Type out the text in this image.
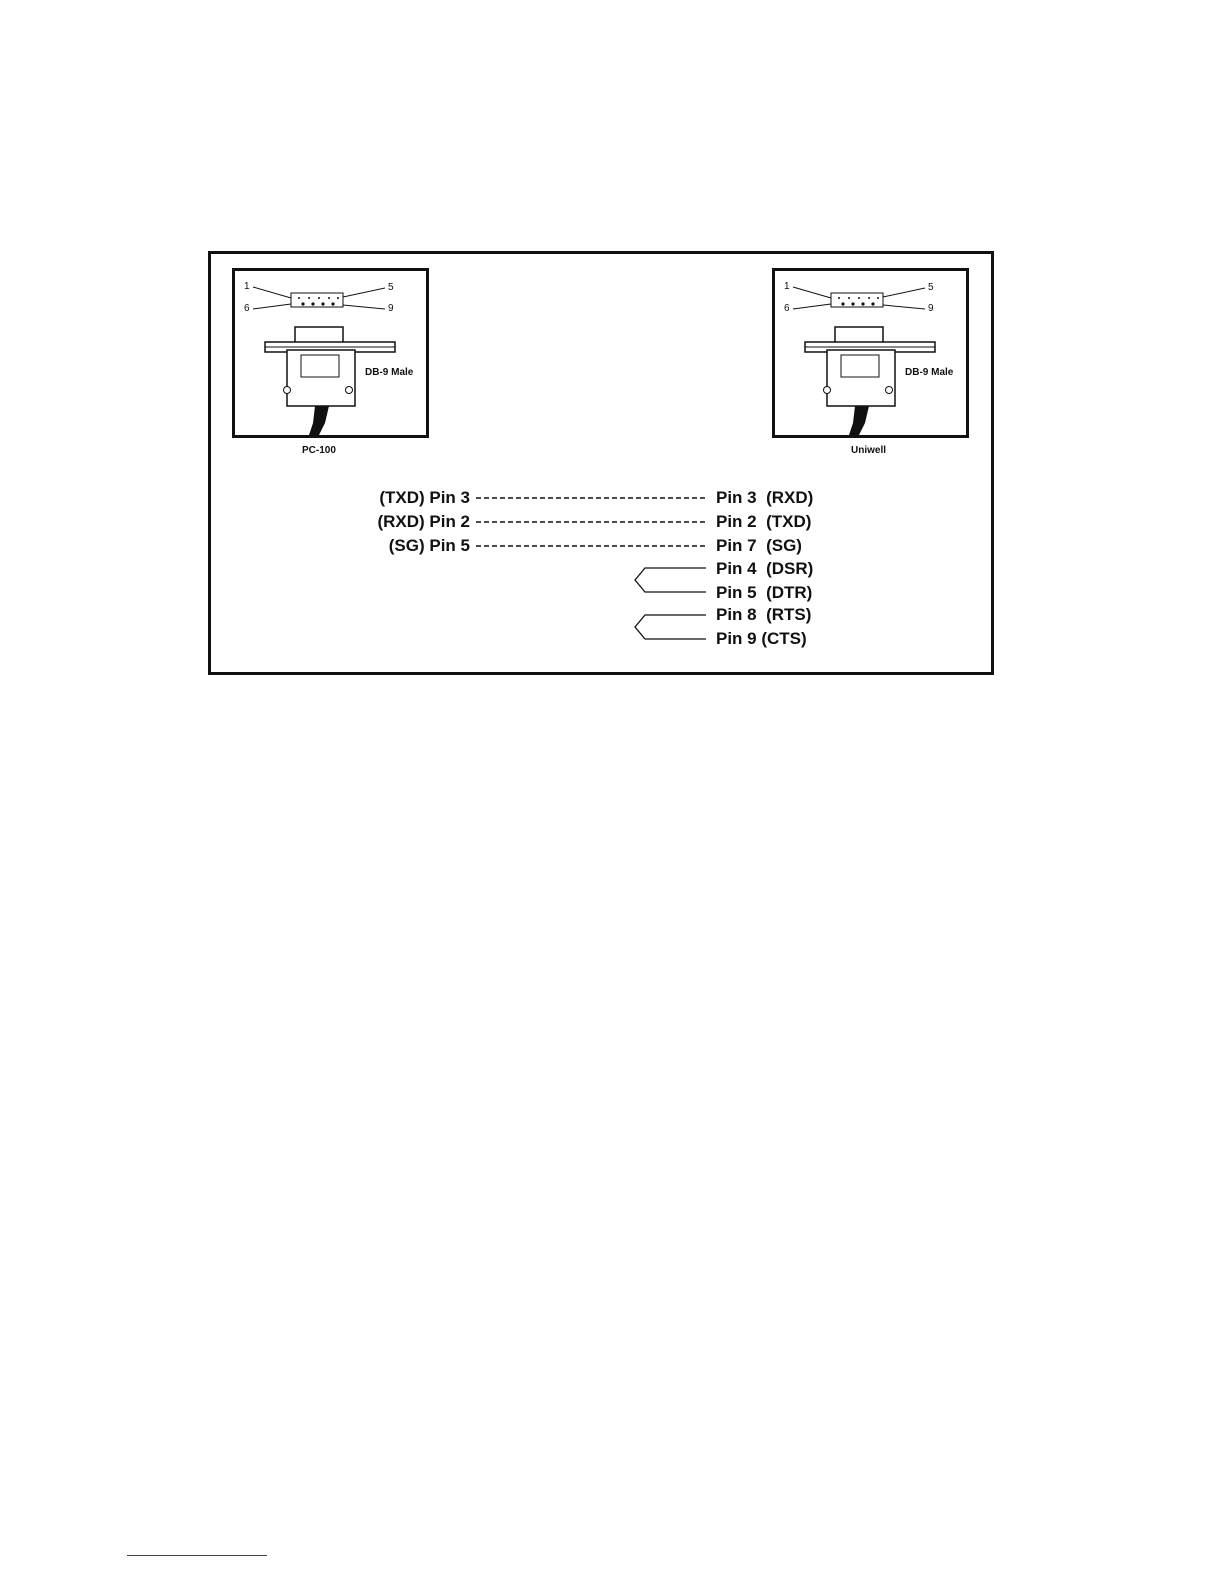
1	5
6	9
DB-9 Male
PC-100
1	5
6	9
DB-9 Male
Uniwell
(TXD) Pin 3	Pin 3  (RXD)
(RXD) Pin 2	Pin 2  (TXD)
(SG) Pin 5	Pin 7  (SG)
Pin 4  (DSR)
Pin 5  (DTR)
Pin 8  (RTS)
Pin 9 (CTS)
